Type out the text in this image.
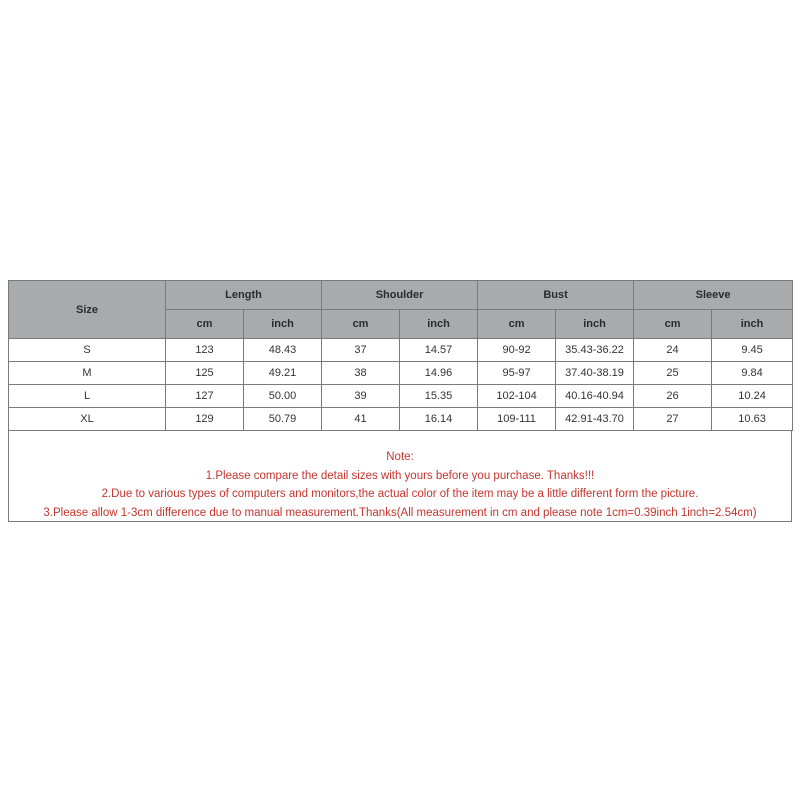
Size	Length		Shoulder		Bust		Sleeve	
	cm	inch	cm	inch	cm	inch	cm	inch
S	123	48.43	37	14.57	90-92	35.43-36.22	24	9.45
M	125	49.21	38	14.96	95-97	37.40-38.19	25	9.84
L	127	50.00	39	15.35	102-104	40.16-40.94	26	10.24
XL	129	50.79	41	16.14	109-111	42.91-43.70	27	10.63
Note:
1.Please compare the detail sizes with yours before you purchase. Thanks!!!
2.Due to various types of computers and monitors,the actual color of the item may be a little different form the picture.
3.Please allow 1-3cm difference due to manual measurement.Thanks(All measurement in cm and please note 1cm=0.39inch 1inch=2.54cm)
